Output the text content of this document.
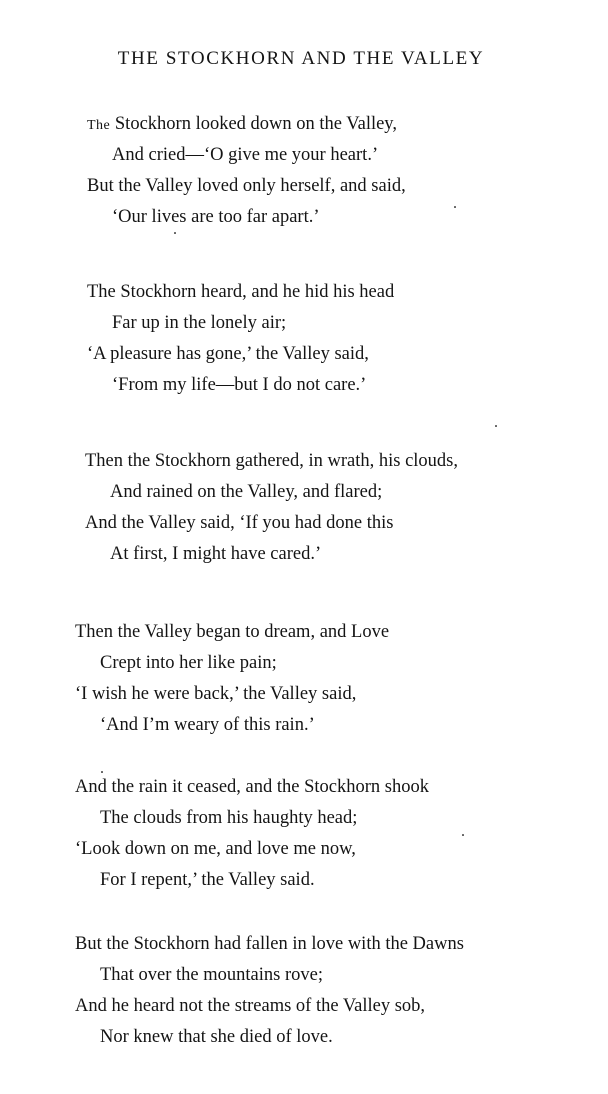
THE STOCKHORN AND THE VALLEY
The Stockhorn looked down on the Valley,
And cried—‘O give me your heart.’
But the Valley loved only herself, and said,
‘Our lives are too far apart.’
The Stockhorn heard, and he hid his head
Far up in the lonely air;
‘A pleasure has gone,’ the Valley said,
‘From my life—but I do not care.’
Then the Stockhorn gathered, in wrath, his clouds,
And rained on the Valley, and flared;
And the Valley said, ‘If you had done this
At first, I might have cared.’
Then the Valley began to dream, and Love
Crept into her like pain;
‘I wish he were back,’ the Valley said,
‘And I’m weary of this rain.’
And the rain it ceased, and the Stockhorn shook
The clouds from his haughty head;
‘Look down on me, and love me now,
For I repent,’ the Valley said.
But the Stockhorn had fallen in love with the Dawns
That over the mountains rove;
And he heard not the streams of the Valley sob,
Nor knew that she died of love.
